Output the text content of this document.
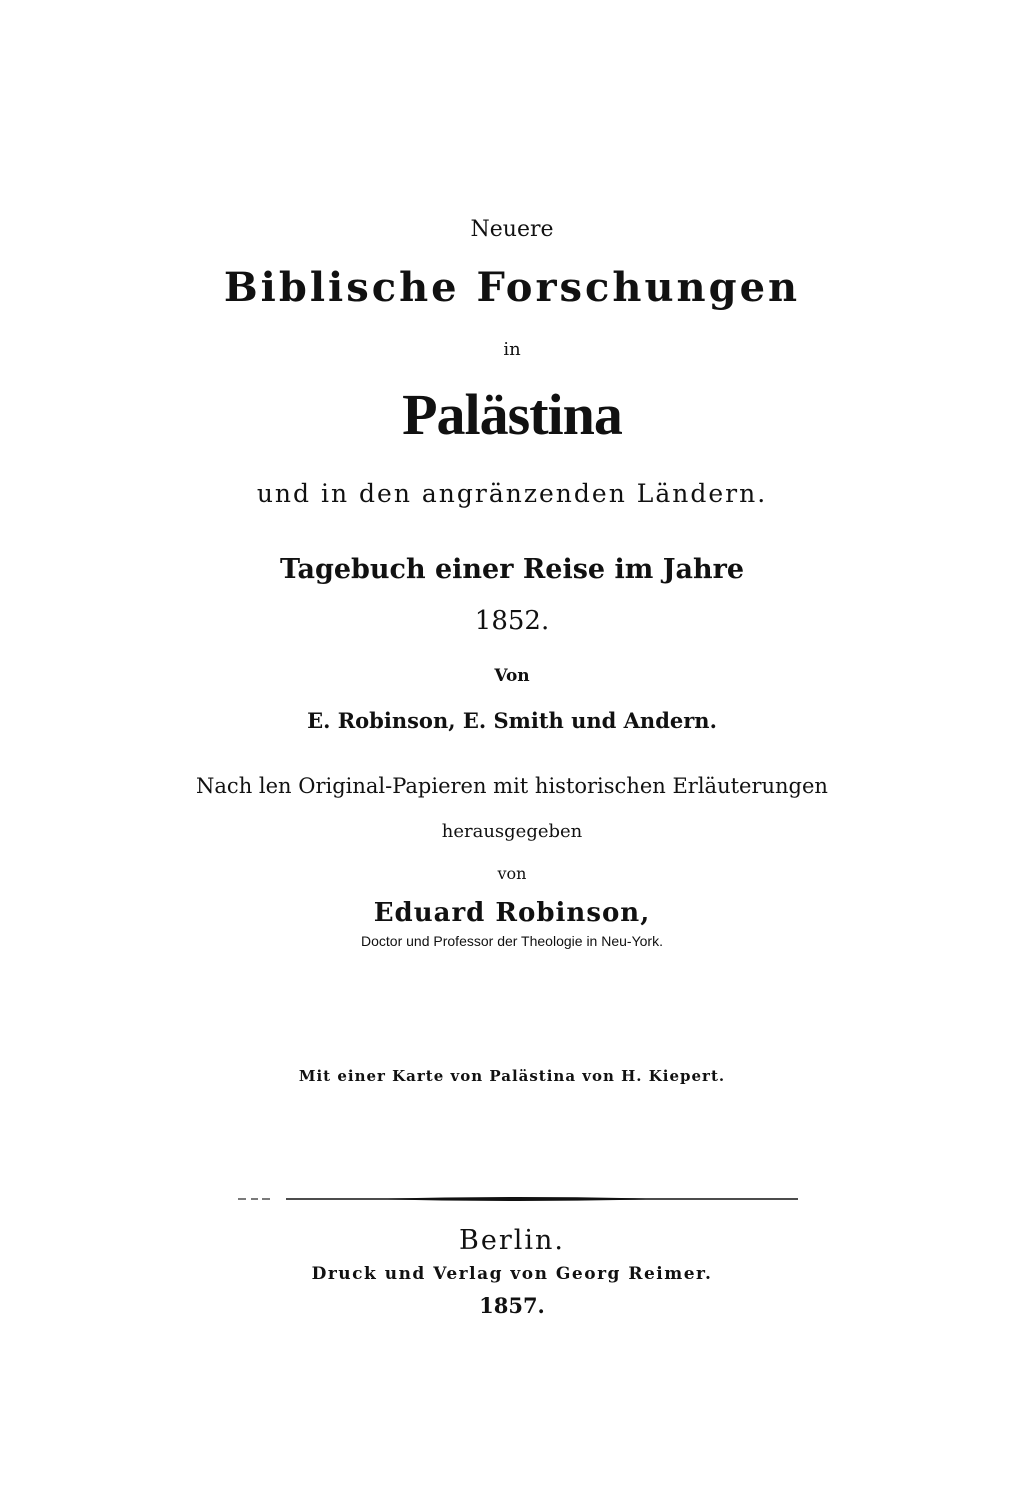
Neuere
Biblische Forschungen
in
Palästina
und in den angränzenden Ländern.
Tagebuch einer Reise im Jahre
1852.
Von
E. Robinson, E. Smith und Andern.
Nach len Original-Papieren mit historischen Erläuterungen
herausgegeben
von
Eduard Robinson,
Doctor und Professor der Theologie in Neu-York.
Mit einer Karte von Palästina von H. Kiepert.
Berlin.
Druck und Verlag von Georg Reimer.
1857.
